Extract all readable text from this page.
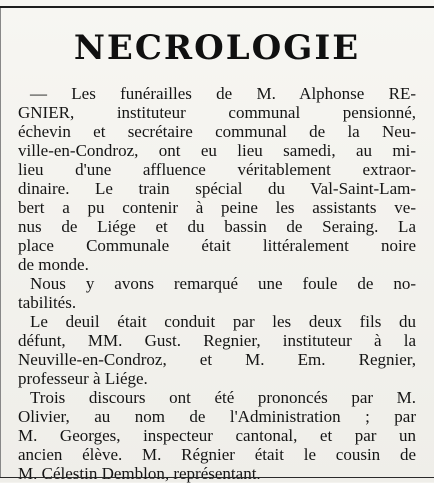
NECROLOGIE
— Les funérailles de M. Alphonse RE-
GNIER, instituteur communal pensionné,
échevin et secrétaire communal de la Neu-
ville-en-Condroz, ont eu lieu samedi, au mi-
lieu d'une affluence véritablement extraor-
dinaire. Le train spécial du Val-Saint-Lam-
bert a pu contenir à peine les assistants ve-
nus de Liége et du bassin de Seraing. La
place Communale était littéralement noire
de monde.
Nous y avons remarqué une foule de no-
tabilités.
Le deuil était conduit par les deux fils du
défunt, MM. Gust. Regnier, instituteur à la
Neuville-en-Condroz, et M. Em. Regnier,
professeur à Liége.
Trois discours ont été prononcés par M.
Olivier, au nom de l'Administration ; par
M. Georges, inspecteur cantonal, et par un
ancien élève. M. Régnier était le cousin de
M. Célestin Demblon, représentant.
